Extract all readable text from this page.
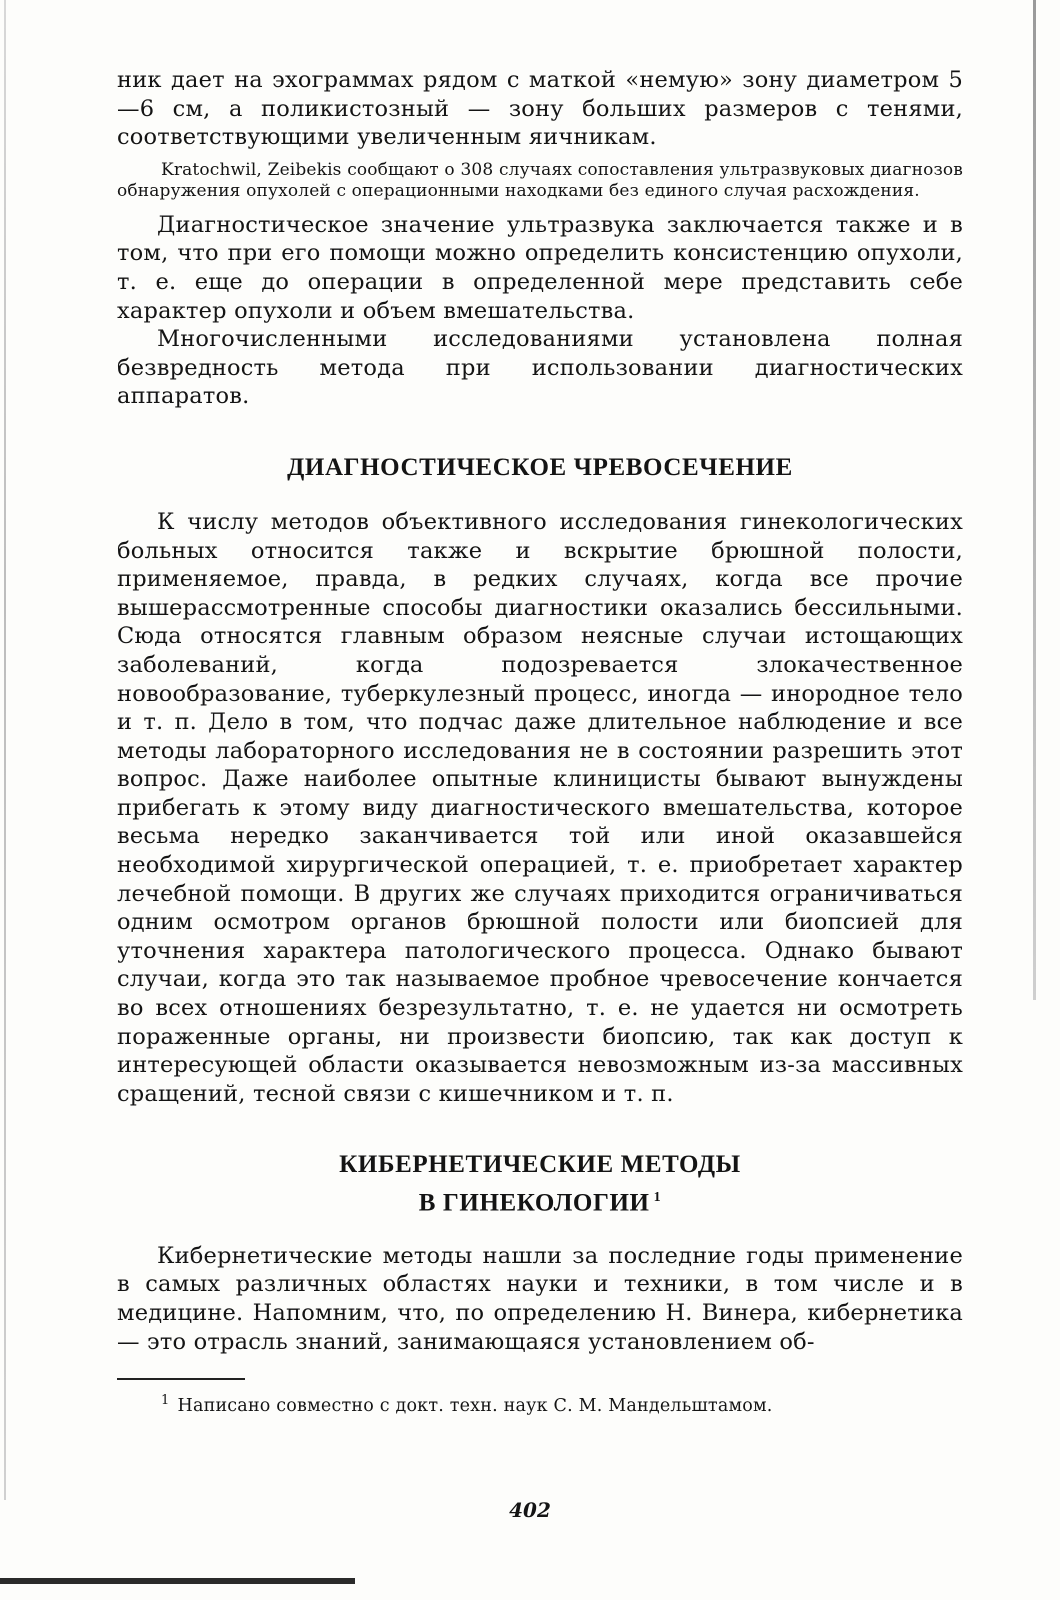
ник дает на эхограммах рядом с маткой «немую» зону диаметром 5—6 см, а поликистозный — зону больших размеров с тенями, соответствующими увеличенным яичникам.

Kratochwil, Zeibekis сообщают о 308 случаях сопоставления ультразвуковых диагнозов обнаружения опухолей с операционными находками без единого случая расхождения.

Диагностическое значение ультразвука заключается также и в том, что при его помощи можно определить консистенцию опухоли, т. е. еще до операции в определенной мере представить себе характер опухоли и объем вмешательства.

Многочисленными исследованиями установлена полная безвредность метода при использовании диагностических аппаратов.

ДИАГНОСТИЧЕСКОЕ ЧРЕВОСЕЧЕНИЕ

К числу методов объективного исследования гинекологических больных относится также и вскрытие брюшной полости, применяемое, правда, в редких случаях, когда все прочие вышерассмотренные способы диагностики оказались бессильными. Сюда относятся главным образом неясные случаи истощающих заболеваний, когда подозревается злокачественное новообразование, туберкулезный процесс, иногда — инородное тело и т. п. Дело в том, что подчас даже длительное наблюдение и все методы лабораторного исследования не в состоянии разрешить этот вопрос. Даже наиболее опытные клиницисты бывают вынуждены прибегать к этому виду диагностического вмешательства, которое весьма нередко заканчивается той или иной оказавшейся необходимой хирургической операцией, т. е. приобретает характер лечебной помощи. В других же случаях приходится ограничиваться одним осмотром органов брюшной полости или биопсией для уточнения характера патологического процесса. Однако бывают случаи, когда это так называемое пробное чревосечение кончается во всех отношениях безрезультатно, т. е. не удается ни осмотреть пораженные органы, ни произвести биопсию, так как доступ к интересующей области оказывается невозможным из-за массивных сращений, тесной связи с кишечником и т. п.

КИБЕРНЕТИЧЕСКИЕ МЕТОДЫ
В ГИНЕКОЛОГИИ $^1$

Кибернетические методы нашли за последние годы применение в самых различных областях науки и техники, в том числе и в медицине. Напомним, что, по определению Н. Винера, кибернетика — это отрасль знаний, занимающаяся установлением об-

$^1$ Написано совместно с докт. техн. наук С. М. Мандельштамом.

402
